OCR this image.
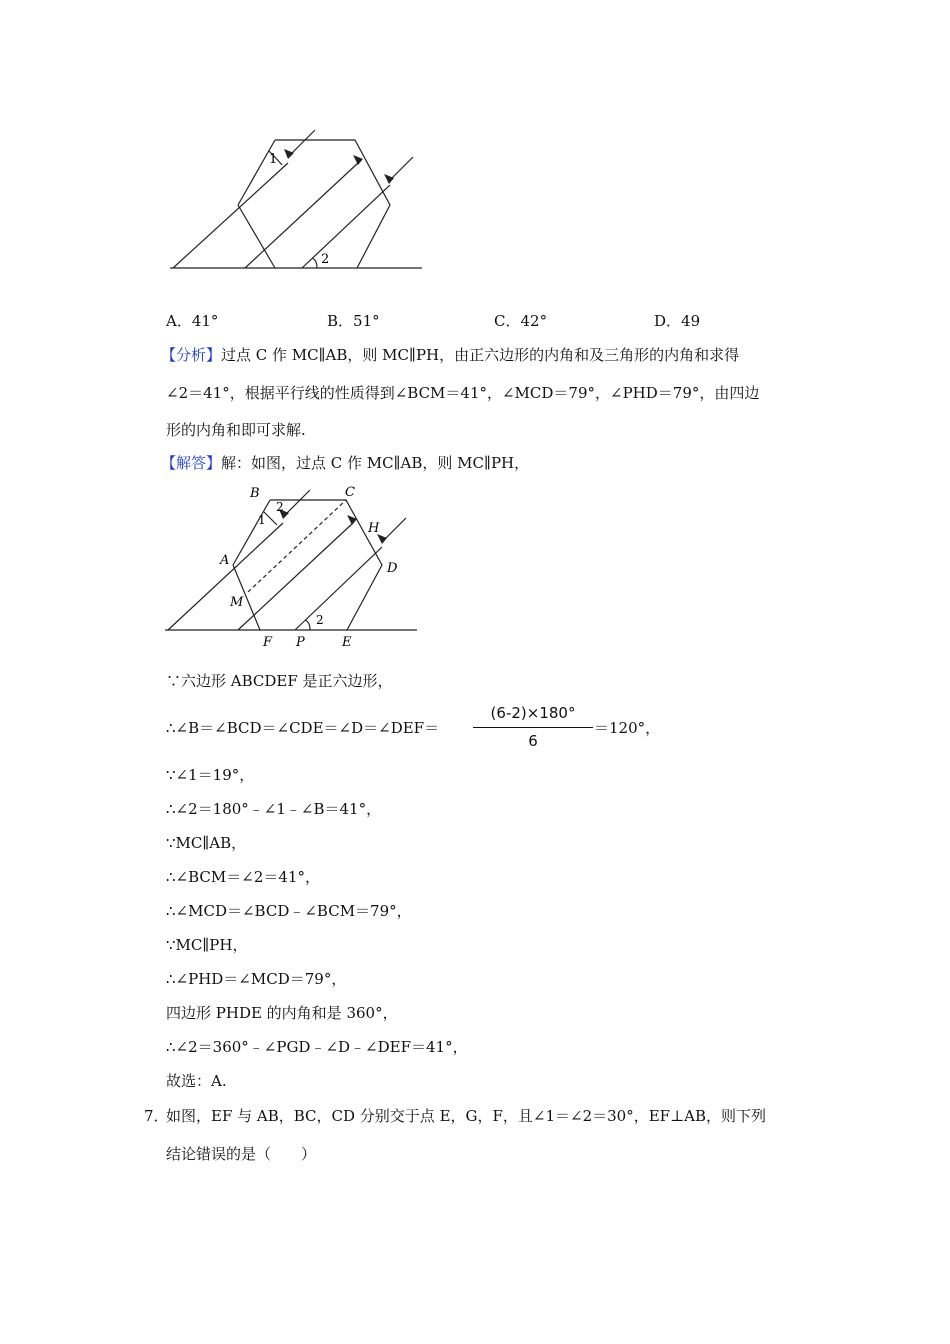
1
2
A．41°	B．51°	C．42°	D．49
【分析】过点 C 作 MC∥AB，则 MC∥PH，由正六边形的内角和及三角形的内角和求得
∠2＝41°，根据平行线的性质得到∠BCM＝41°，∠MCD＝79°，∠PHD＝79°，由四边
形的内角和即可求解.
【解答】解：如图，过点 C 作 MC∥AB，则 MC∥PH，
B	C
H
D
A
M
F P	E
1
2
2
∵六边形 ABCDEF 是正六边形，
∴∠B＝∠BCD＝∠CDE＝∠D＝∠DEF＝
(6-2)×180°
6
＝120°，
∵∠1＝19°，
∴∠2＝180°﹣∠1﹣∠B＝41°，
∵MC∥AB，
∴∠BCM＝∠2＝41°，
∴∠MCD＝∠BCD﹣∠BCM＝79°，
∵MC∥PH，
∴∠PHD＝∠MCD＝79°，
四边形 PHDE 的内角和是 360°，
∴∠2＝360°﹣∠PGD﹣∠D﹣∠DEF＝41°，
故选：A.
7．
如图，EF 与 AB，BC，CD 分别交于点 E，G，F，且∠1＝∠2＝30°，EF⊥AB，则下列
结论错误的是（　　）
